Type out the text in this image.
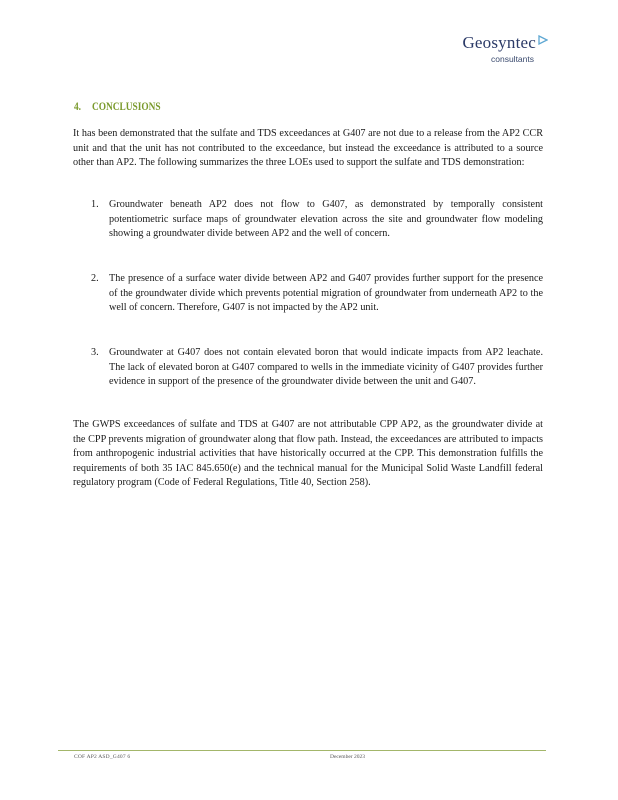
Geosyntec
consultants
4. CONCLUSIONS
It has been demonstrated that the sulfate and TDS exceedances at G407 are not due to a release from the AP2 CCR unit and that the unit has not contributed to the exceedance, but instead the exceedance is attributed to a source other than AP2. The following summarizes the three LOEs used to support the sulfate and TDS demonstration:
1.	Groundwater beneath AP2 does not flow to G407, as demonstrated by temporally consistent potentiometric surface maps of groundwater elevation across the site and groundwater flow modeling showing a groundwater divide between AP2 and the well of concern.
2.	The presence of a surface water divide between AP2 and G407 provides further support for the presence of the groundwater divide which prevents potential migration of groundwater from underneath AP2 to the well of concern. Therefore, G407 is not impacted by the AP2 unit.
3.	Groundwater at G407 does not contain elevated boron that would indicate impacts from AP2 leachate. The lack of elevated boron at G407 compared to wells in the immediate vicinity of G407 provides further evidence in support of the presence of the groundwater divide between the unit and G407.
The GWPS exceedances of sulfate and TDS at G407 are not attributable CPP AP2, as the groundwater divide at the CPP prevents migration of groundwater along that flow path. Instead, the exceedances are attributed to impacts from anthropogenic industrial activities that have historically occurred at the CPP. This demonstration fulfills the requirements of both 35 IAC 845.650(e) and the technical manual for the Municipal Solid Waste Landfill federal regulatory program (Code of Federal Regulations, Title 40, Section 258).
COF AP2 ASD_G407 6	December 2023
